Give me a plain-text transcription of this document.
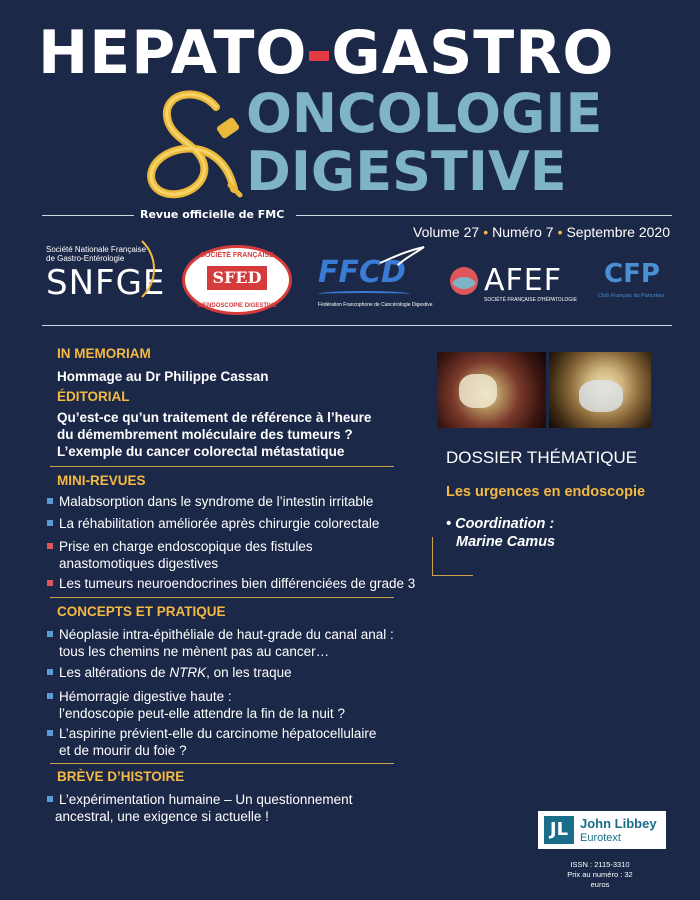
HEPATO GASTRO
ONCOLOGIE
DIGESTIVE
Revue officielle de FMC
Volume 27 • Numéro 7 • Septembre 2020
Société Nationale Française
de Gastro-Entérologie
SNFGE
SOCIÉTÉ FRANÇAISE
SFED
D'ENDOSCOPIE DIGESTIVE
FFCD
Fédération Francophone de Cancérologie Digestive
AFEF
SOCIÉTÉ FRANÇAISE D'HÉPATOLOGIE
CFP
Club Français du Pancréas
IN MEMORIAM
Hommage au Dr Philippe Cassan
ÉDITORIAL
Qu’est-ce qu’un traitement de référence à l’heure
du démembrement moléculaire des tumeurs ?
L’exemple du cancer colorectal métastatique
MINI-REVUES
Malabsorption dans le syndrome de l’intestin irritable
La réhabilitation améliorée après chirurgie colorectale
Prise en charge endoscopique des fistules
anastomotiques digestives
Les tumeurs neuroendocrines bien différenciées de grade 3
CONCEPTS ET PRATIQUE
Néoplasie intra-épithéliale de haut-grade du canal anal :
tous les chemins ne mènent pas au cancer…
Les altérations de NTRK, on les traque
Hémorragie digestive haute :
l’endoscopie peut-elle attendre la fin de la nuit ?
L’aspirine prévient-elle du carcinome hépatocellulaire
et de mourir du foie ?
BRÈVE D’HISTOIRE
L’expérimentation humaine – Un questionnement
ancestral, une exigence si actuelle !
DOSSIER THÉMATIQUE
Les urgences en endoscopie
• Coordination :
Marine Camus
JL John Libbey
Eurotext
ISSN : 2115-3310
Prix au numéro : 32 euros
